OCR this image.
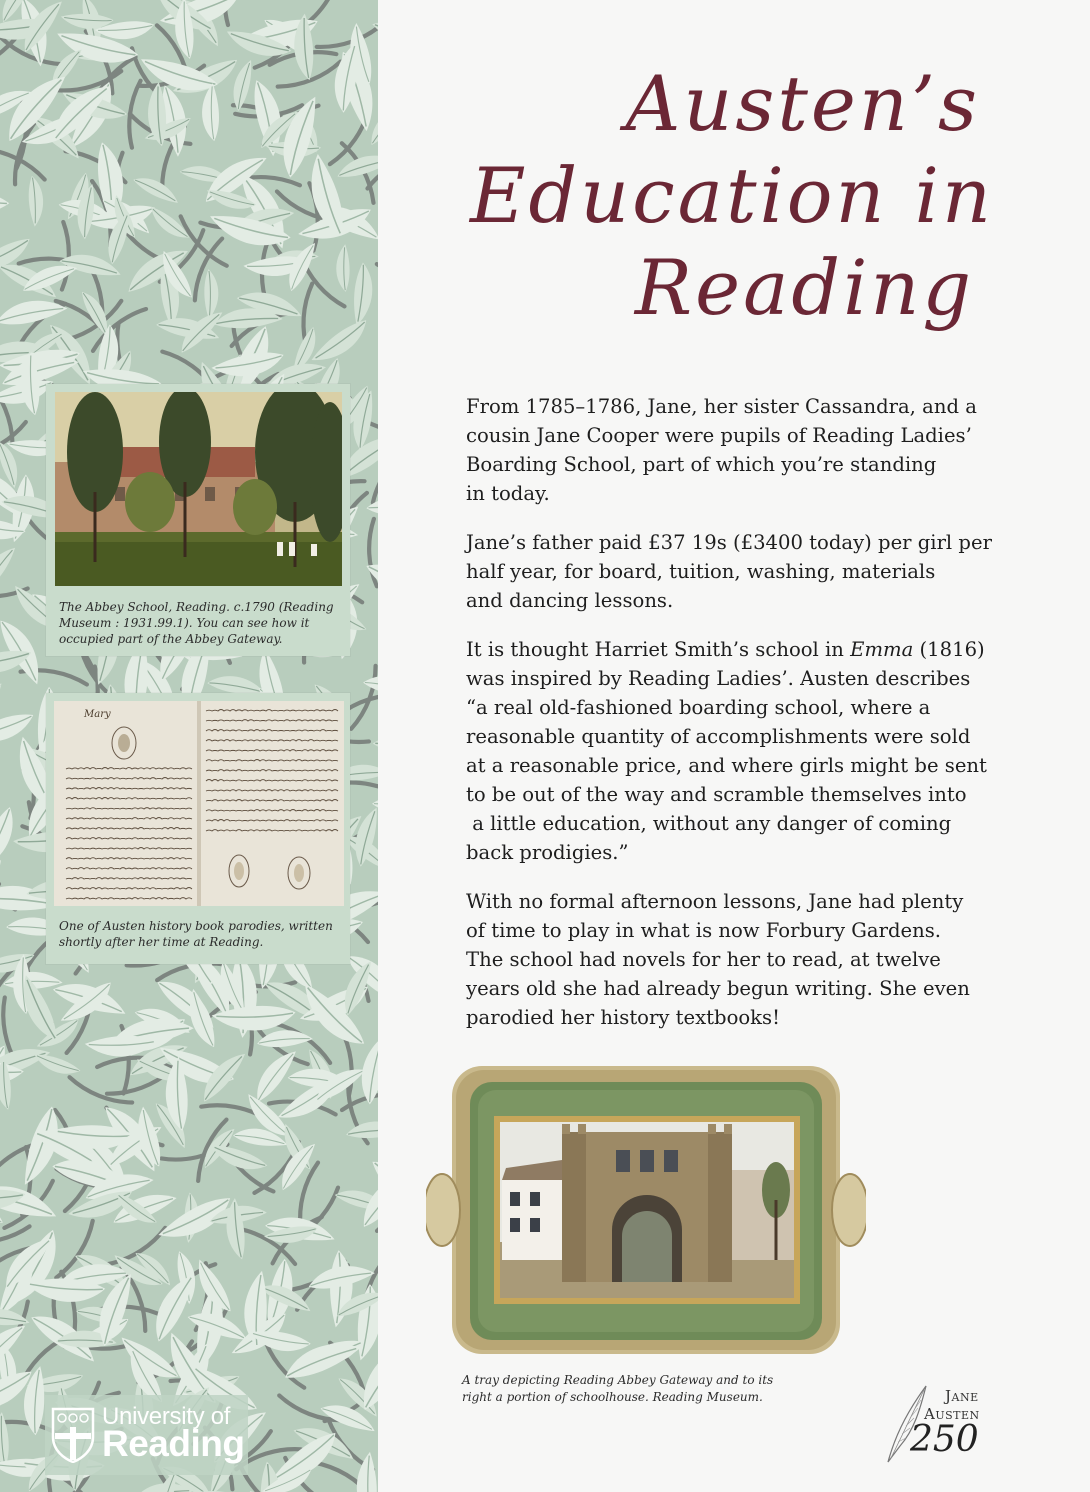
The Abbey School, Reading. c.1790 (Reading
Museum : 1931.99.1). You can see how it
occupied part of the Abbey Gateway.
Mary
One of Austen history book parodies, written
shortly after her time at Reading.
University of
Reading
Austen’s
Education in
Reading

From 1785–1786, Jane, her sister Cassandra, and a
cousin Jane Cooper were pupils of Reading Ladies’
Boarding School, part of which you’re standing
in today.

Jane’s father paid £37 19s (£3400 today) per girl per
half year, for board, tuition, washing, materials
and dancing lessons.

It is thought Harriet Smith’s school in Emma (1816)
was inspired by Reading Ladies’. Austen describes
“a real old-fashioned boarding school, where a
reasonable quantity of accomplishments were sold
at a reasonable price, and where girls might be sent
to be out of the way and scramble themselves into
a little education, without any danger of coming
back prodigies.”

With no formal afternoon lessons, Jane had plenty
of time to play in what is now Forbury Gardens.
The school had novels for her to read, at twelve
years old she had already begun writing. She even
parodied her history textbooks!

A tray depicting Reading Abbey Gateway and to its
right a portion of schoolhouse. Reading Museum.	Jane
Austen
250
